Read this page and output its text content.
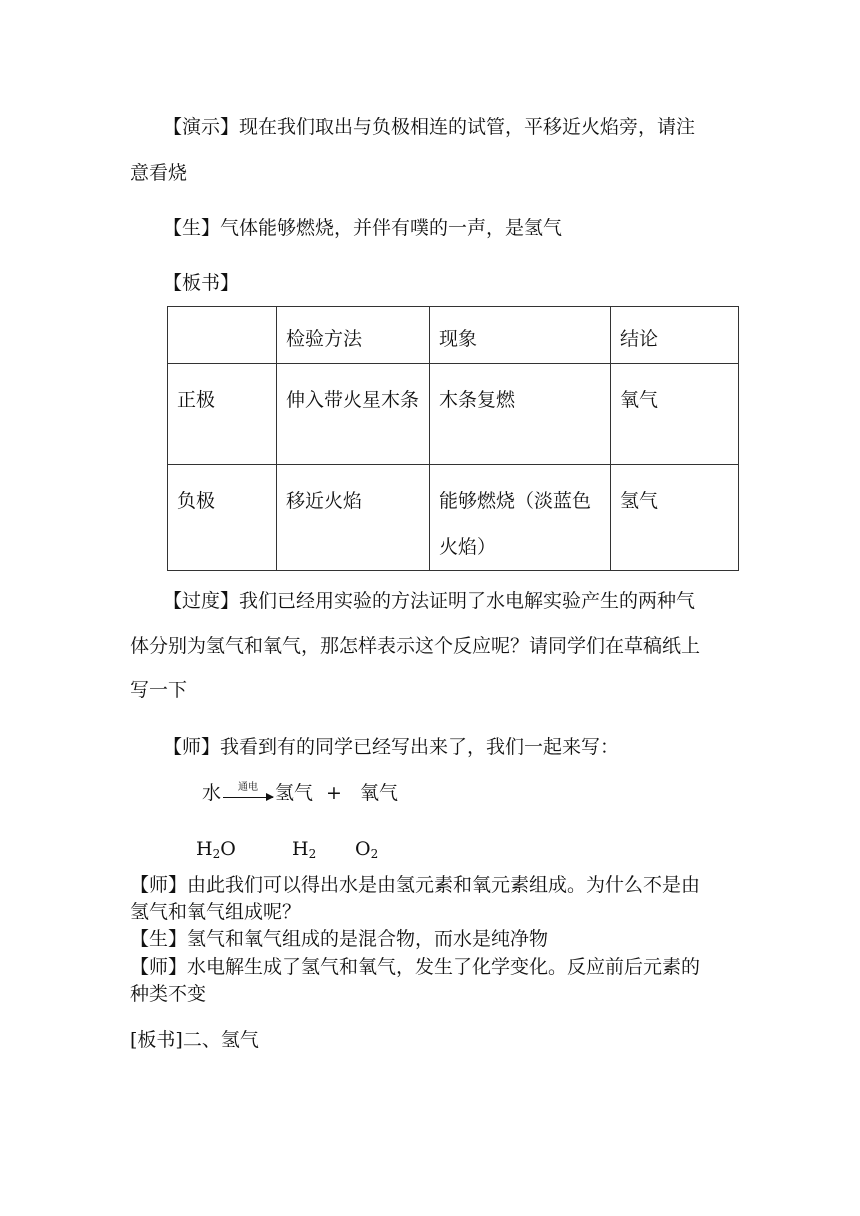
【演示】现在我们取出与负极相连的试管，平移近火焰旁，请注
意看烧
【生】气体能够燃烧，并伴有噗的一声，是氢气
【板书】
	检验方法	现象	结论
正极	伸入带火星木条	木条复燃	氧气
负极	移近火焰	能够燃烧（淡蓝色火焰）	氢气
【过度】我们已经用实验的方法证明了水电解实验产生的两种气
体分别为氢气和氧气，那怎样表示这个反应呢？请同学们在草稿纸上
写一下
【师】我看到有的同学已经写出来了，我们一起来写：
水 通电 → 氢气 + 氧气
$H_2O$	$H_2$ $O_2$
【师】由此我们可以得出水是由氢元素和氧元素组成。为什么不是由
氢气和氧气组成呢？
【生】氢气和氧气组成的是混合物，而水是纯净物
【师】水电解生成了氢气和氧气，发生了化学变化。反应前后元素的
种类不变
[板书]二、氢气
